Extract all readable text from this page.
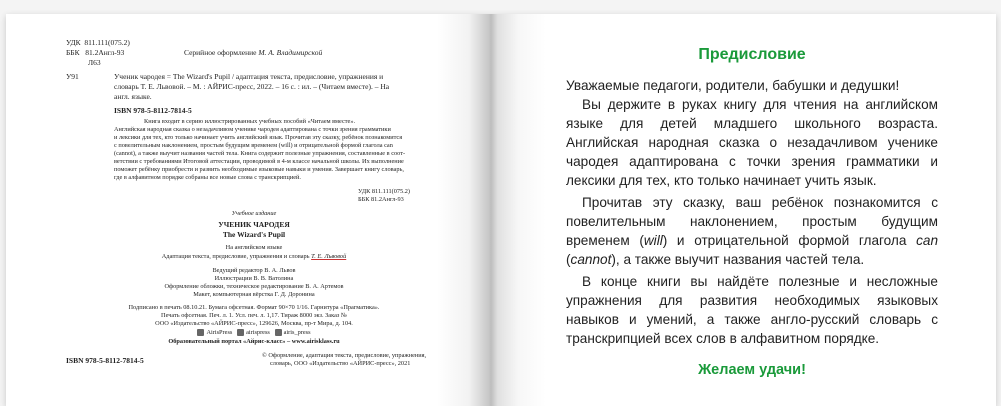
УДК 811.111(075.2)
ББК 81.2Англ-93
Л63
Серийное оформление М. А. Владимирской
У91	Ученик чародея = The Wizard's Pupil / адаптация текста, предисловие, упражнения и
словарь Т. Е. Львовой. – М. : АЙРИС-пресс, 2022. – 16 с. : ил. – (Читаем вместе). – На
англ. языке.
ISBN 978-5-8112-7814-5
Книга входит в серию иллюстрированных учебных пособий «Читаем вместе».
Английская народная сказка о незадачливом ученике чародея адаптирована с точки зрения грамматики
и лексики для тех, кто только начинает учить английский язык. Прочитав эту сказку, ребёнок познакомится
с повелительным наклонением, простым будущим временем (will) и отрицательной формой глагола can
(cannot), а также выучит названия частей тела. Книга содержит полезные упражнения, составленные в соот-
ветствии с требованиями Итоговой аттестации, проводимой в 4-м классе начальной школы. Их выполнение
поможет ребёнку приобрести и развить необходимые языковые навыки и умения. Завершает книгу словарь,
где в алфавитном порядке собраны все новые слова с транскрипцией.
УДК 811.111(075.2)
ББК 81.2Англ-93
Учебное издание
УЧЕНИК ЧАРОДЕЯ
The Wizard's Pupil
На английском языке
Адаптация текста, предисловие, упражнения и словарь Т. Е. Львовой
Ведущий редактор В. А. Львов
Иллюстрации В. В. Ватолина
Оформление обложки, техническое редактирование В. А. Артемов
Макет, компьютерная вёрстка Г. Д. Доронина
Подписано в печать 08.10.21. Бумага офсетная. Формат 90×70 1/16. Гарнитура «Прагматика».
Печать офсетная. Печ. л. 1. Усл. печ. л. 1,17. Тираж 8000 экз. Заказ №
ООО «Издательство «АЙРИС-пресс», 129626, Москва, пр-т Мира, д. 104.
AirisPress airispress airis_press
Образовательный портал «Айрис-класс» – www.airisklass.ru
ISBN 978-5-8112-7814-5
© Оформление, адаптация текста, предисловие, упражнения,
словарь, ООО «Издательство «АЙРИС-пресс», 2021
Предисловие

Уважаемые педагоги, родители, бабушки и дедушки!

Вы держите в руках книгу для чтения на английском языке для детей младшего школьного возраста. Английская народная сказка о незадачливом ученике чародея адаптирована с точки зрения грамматики и лексики для тех, кто только начинает учить язык.

Прочитав эту сказку, ваш ребёнок познакомится с повелительным наклонением, простым будущим временем (will) и отрицательной формой глагола can (cannot), а также выучит названия частей тела.

В конце книги вы найдёте полезные и несложные упражнения для развития необходимых языковых навыков и умений, а также англо-русский словарь с транскрипцией всех слов в алфавитном порядке.

Желаем удачи!
